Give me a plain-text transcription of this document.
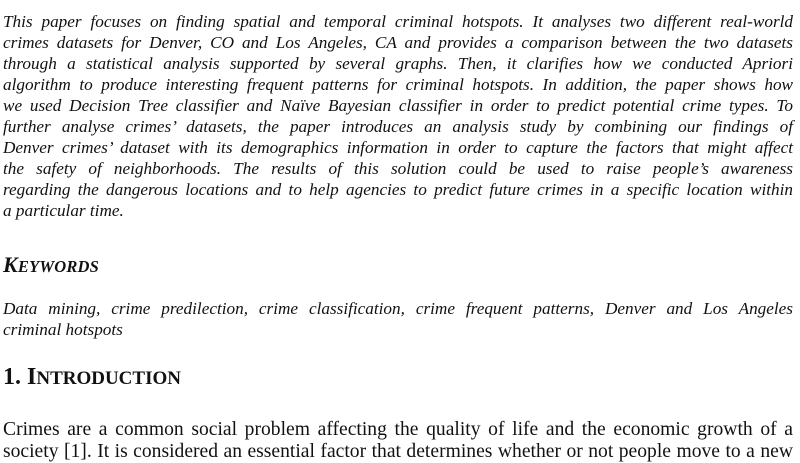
This paper focuses on finding spatial and temporal criminal hotspots. It analyses two different real-world
crimes datasets for Denver, CO and Los Angeles, CA and provides a comparison between the two datasets
through a statistical analysis supported by several graphs. Then, it clarifies how we conducted Apriori
algorithm to produce interesting frequent patterns for criminal hotspots. In addition, the paper shows how
we used Decision Tree classifier and Naïve Bayesian classifier in order to predict potential crime types. To
further analyse crimes’ datasets, the paper introduces an analysis study by combining our findings of
Denver crimes’ dataset with its demographics information in order to capture the factors that might affect
the safety of neighborhoods. The results of this solution could be used to raise people’s awareness
regarding the dangerous locations and to help agencies to predict future crimes in a specific location within
a particular time.
KEYWORDS
Data mining, crime predilection, crime classification, crime frequent patterns, Denver and Los Angeles
criminal hotspots
1. INTRODUCTION
Crimes are a common social problem affecting the quality of life and the economic growth of a
society [1]. It is considered an essential factor that determines whether or not people move to a new
